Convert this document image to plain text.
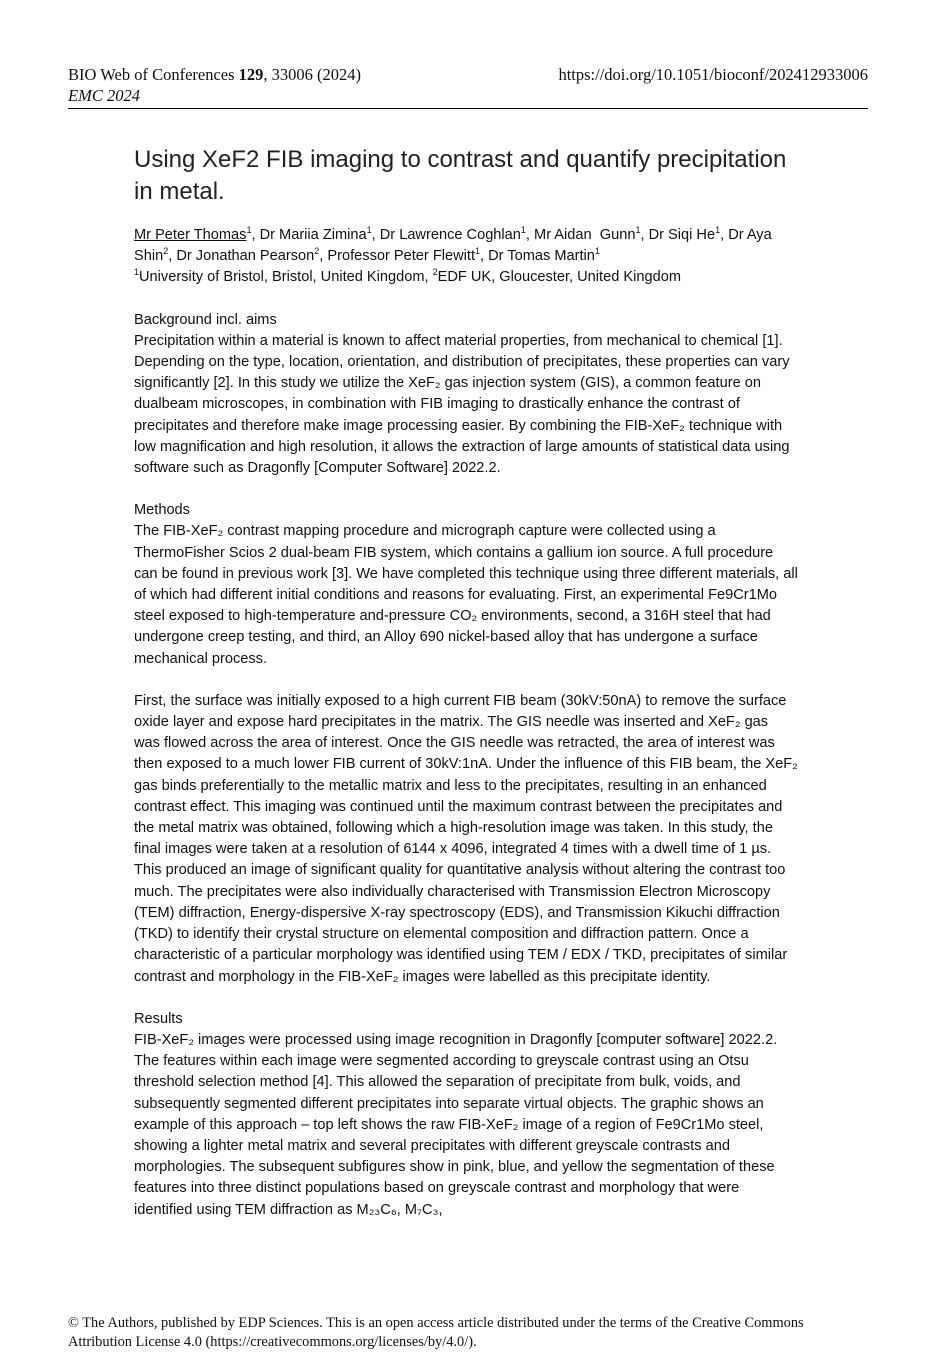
BIO Web of Conferences 129, 33006 (2024)
EMC 2024
https://doi.org/10.1051/bioconf/202412933006
Using XeF2 FIB imaging to contrast and quantify precipitation in metal.

Mr Peter Thomas$^1$, Dr Mariia Zimina$^1$, Dr Lawrence Coghlan$^1$, Mr Aidan  Gunn$^1$, Dr Siqi He$^1$, Dr Aya Shin$^2$, Dr Jonathan Pearson$^2$, Professor Peter Flewitt$^1$, Dr Tomas Martin$^1$

$^1$University of Bristol, Bristol, United Kingdom, $^2$EDF UK, Gloucester, United Kingdom

Background incl. aims

Precipitation within a material is known to affect material properties, from mechanical to chemical [1]. Depending on the type, location, orientation, and distribution of precipitates, these properties can vary significantly [2]. In this study we utilize the XeF₂ gas injection system (GIS), a common feature on dualbeam microscopes, in combination with FIB imaging to drastically enhance the contrast of precipitates and therefore make image processing easier. By combining the FIB-XeF₂ technique with low magnification and high resolution, it allows the extraction of large amounts of statistical data using software such as Dragonfly [Computer Software] 2022.2.

Methods

The FIB-XeF₂ contrast mapping procedure and micrograph capture were collected using a ThermoFisher Scios 2 dual-beam FIB system, which contains a gallium ion source. A full procedure can be found in previous work [3]. We have completed this technique using three different materials, all of which had different initial conditions and reasons for evaluating. First, an experimental Fe9Cr1Mo steel exposed to high-temperature and-pressure CO₂ environments, second, a 316H steel that had undergone creep testing, and third, an Alloy 690 nickel-based alloy that has undergone a surface mechanical process.

First, the surface was initially exposed to a high current FIB beam (30kV:50nA) to remove the surface oxide layer and expose hard precipitates in the matrix. The GIS needle was inserted and XeF₂ gas was flowed across the area of interest. Once the GIS needle was retracted, the area of interest was then exposed to a much lower FIB current of 30kV:1nA. Under the influence of this FIB beam, the XeF₂ gas binds preferentially to the metallic matrix and less to the precipitates, resulting in an enhanced contrast effect. This imaging was continued until the maximum contrast between the precipitates and the metal matrix was obtained, following which a high-resolution image was taken. In this study, the final images were taken at a resolution of 6144 x 4096, integrated 4 times with a dwell time of 1 µs. This produced an image of significant quality for quantitative analysis without altering the contrast too much. The precipitates were also individually characterised with Transmission Electron Microscopy (TEM) diffraction, Energy-dispersive X-ray spectroscopy (EDS), and Transmission Kikuchi diffraction (TKD) to identify their crystal structure on elemental composition and diffraction pattern. Once a characteristic of a particular morphology was identified using TEM / EDX / TKD, precipitates of similar contrast and morphology in the FIB-XeF₂ images were labelled as this precipitate identity.

Results

FIB-XeF₂ images were processed using image recognition in Dragonfly [computer software] 2022.2. The features within each image were segmented according to greyscale contrast using an Otsu threshold selection method [4]. This allowed the separation of precipitate from bulk, voids, and subsequently segmented different precipitates into separate virtual objects. The graphic shows an example of this approach – top left shows the raw FIB-XeF₂ image of a region of Fe9Cr1Mo steel, showing a lighter metal matrix and several precipitates with different greyscale contrasts and morphologies. The subsequent subfigures show in pink, blue, and yellow the segmentation of these features into three distinct populations based on greyscale contrast and morphology that were identified using TEM diffraction as M₂₃C₆, M₇C₃,

© The Authors, published by EDP Sciences. This is an open access article distributed under the terms of the Creative Commons Attribution License 4.0 (https://creativecommons.org/licenses/by/4.0/).
